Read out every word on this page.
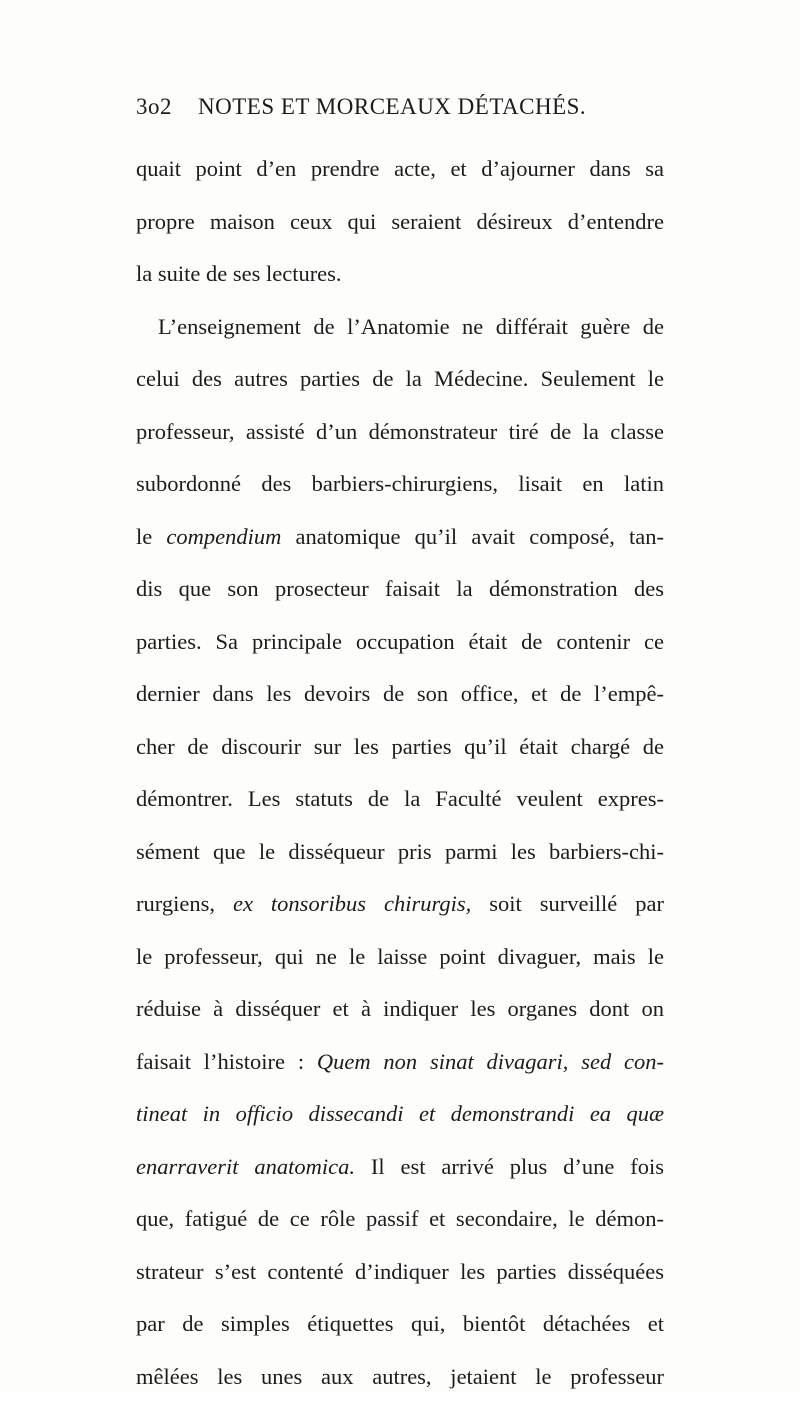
3o2 NOTES ET MORCEAUX DÉTACHÉS.
quait point d’en prendre acte, et d’ajourner dans sa
propre maison ceux qui seraient désireux d’entendre
la suite de ses lectures.
L’enseignement de l’Anatomie ne différait guère de
celui des autres parties de la Médecine. Seulement le
professeur, assisté d’un démonstrateur tiré de la classe
subordonné des barbiers-chirurgiens, lisait en latin
le compendium anatomique qu’il avait composé, tan-
dis que son prosecteur faisait la démonstration des
parties. Sa principale occupation était de contenir ce
dernier dans les devoirs de son office, et de l’empê-
cher de discourir sur les parties qu’il était chargé de
démontrer. Les statuts de la Faculté veulent expres-
sément que le disséqueur pris parmi les barbiers-chi-
rurgiens, ex tonsoribus chirurgis, soit surveillé par
le professeur, qui ne le laisse point divaguer, mais le
réduise à disséquer et à indiquer les organes dont on
faisait l’histoire : Quem non sinat divagari, sed con-
tineat in officio dissecandi et demonstrandi ea quæ
enarraverit anatomica. Il est arrivé plus d’une fois
que, fatigué de ce rôle passif et secondaire, le démon-
strateur s’est contenté d’indiquer les parties disséquées
par de simples étiquettes qui, bientôt détachées et
mêlées les unes aux autres, jetaient le professeur
